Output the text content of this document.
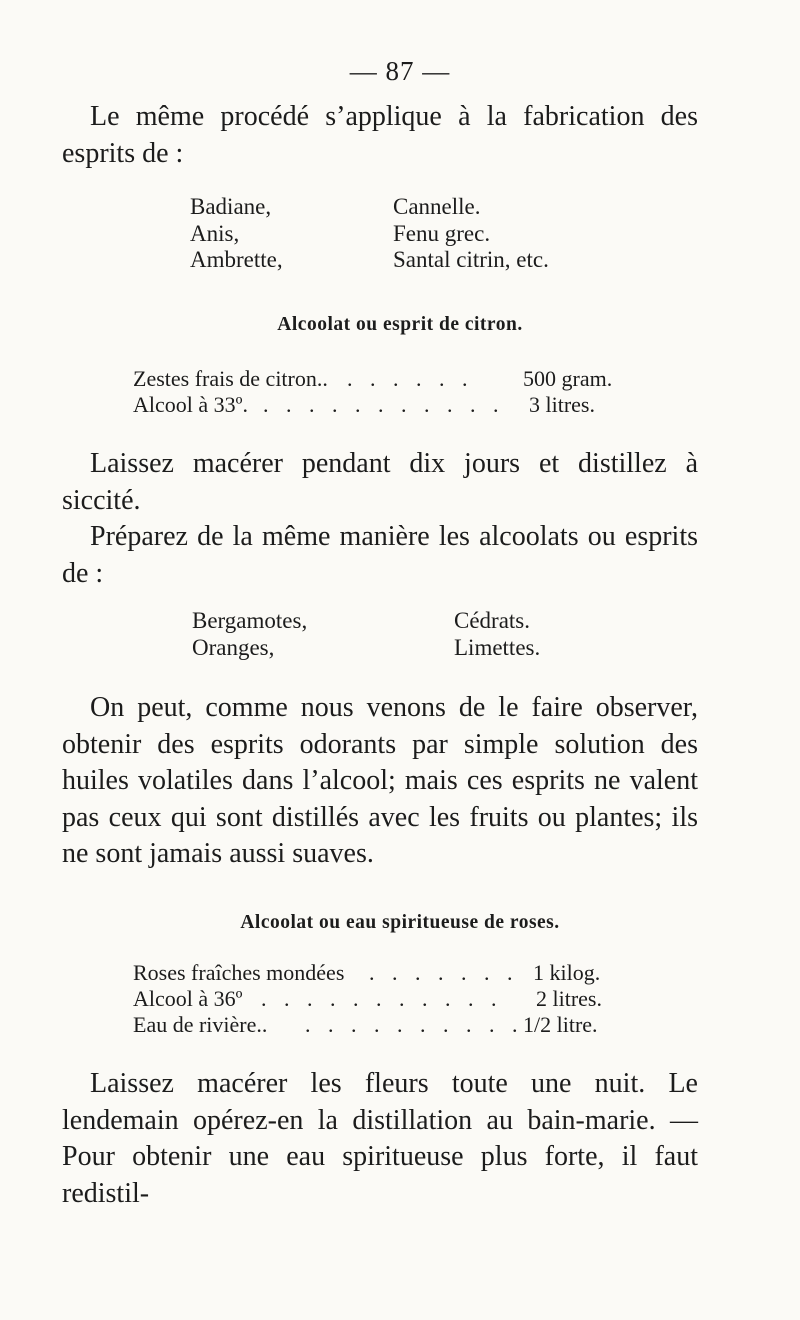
— 87 —

Le même procédé s’applique à la fabrication des esprits de :

Badiane,
Anis,
Ambrette,
Cannelle.
Fenu grec.
Santal citrin, etc.
Alcoolat ou esprit de citron.
Zestes frais de citron.. . . . . . . 500 gram.
Alcool à 33º. . . . . . . . . . . . 3 litres.

Laissez macérer pendant dix jours et distillez à siccité.

Préparez de la même manière les alcoolats ou esprits de :

Bergamotes,
Oranges,
Cédrats.
Limettes.

On peut, comme nous venons de le faire observer, obtenir des esprits odorants par simple solution des huiles volatiles dans l’alcool; mais ces esprits ne valent pas ceux qui sont distillés avec les fruits ou plantes; ils ne sont jamais aussi suaves.

Alcoolat ou eau spiritueuse de roses.
Roses fraîches mondées . . . . . . . 1 kilog.
Alcool à 36º . . . . . . . . . . . 2 litres.
Eau de rivière.. . . . . . . . . . . 1/2 litre.

Laissez macérer les fleurs toute une nuit. Le lendemain opérez-en la distillation au bain-marie. — Pour obtenir une eau spiritueuse plus forte, il faut redistil-
